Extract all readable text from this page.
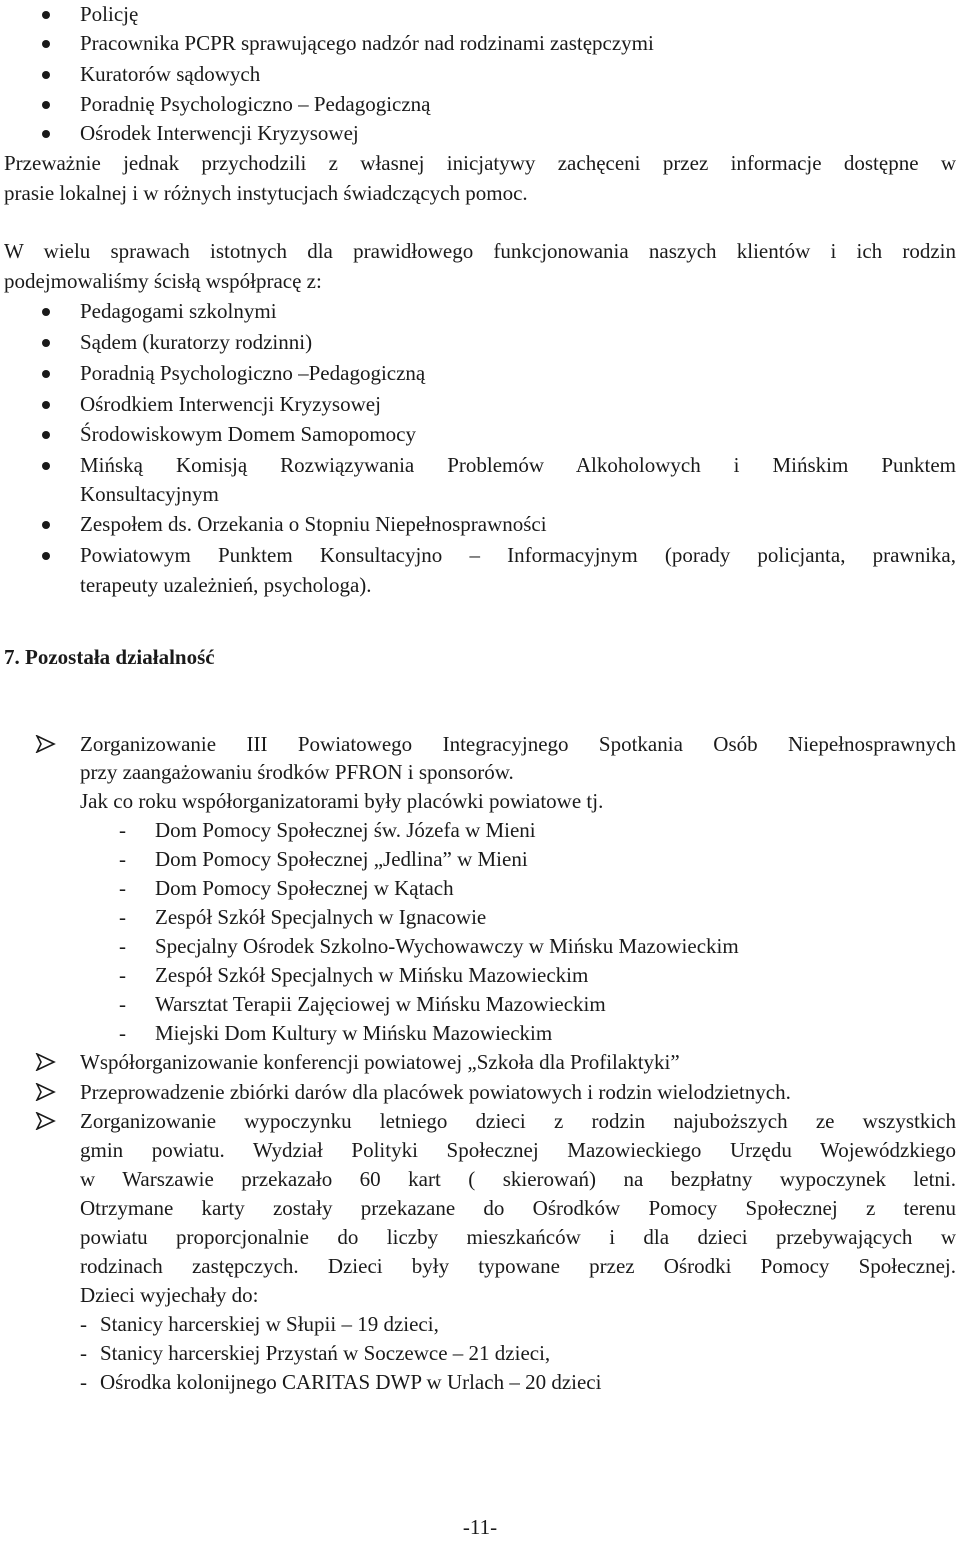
Policję
Pracownika PCPR sprawującego nadzór nad rodzinami zastępczymi
Kuratorów sądowych
Poradnię Psychologiczno – Pedagogiczną
Ośrodek Interwencji Kryzysowej
Przeważnie jednak przychodzili z własnej inicjatywy zachęceni przez informacje dostępne w
prasie lokalnej i w różnych instytucjach świadczących pomoc.
W wielu sprawach istotnych dla prawidłowego funkcjonowania naszych klientów i ich rodzin
podejmowaliśmy ścisłą współpracę z:
Pedagogami szkolnymi
Sądem (kuratorzy rodzinni)
Poradnią Psychologiczno –Pedagogiczną
Ośrodkiem Interwencji Kryzysowej
Środowiskowym Domem Samopomocy
Mińską Komisją Rozwiązywania Problemów Alkoholowych i Mińskim Punktem
Konsultacyjnym
Zespołem ds. Orzekania o Stopniu Niepełnosprawności
Powiatowym Punktem Konsultacyjno – Informacyjnym (porady policjanta, prawnika,
terapeuty uzależnień, psychologa).
7. Pozostała działalność
Zorganizowanie III Powiatowego Integracyjnego Spotkania Osób Niepełnosprawnych
przy zaangażowaniu środków PFRON i sponsorów.
Jak co roku współorganizatorami były placówki powiatowe tj.
- Dom Pomocy Społecznej św. Józefa w Mieni
- Dom Pomocy Społecznej „Jedlina” w Mieni
- Dom Pomocy Społecznej w Kątach
- Zespół Szkół Specjalnych w Ignacowie
- Specjalny Ośrodek Szkolno-Wychowawczy w Mińsku Mazowieckim
- Zespół Szkół Specjalnych w Mińsku Mazowieckim
- Warsztat Terapii Zajęciowej w Mińsku Mazowieckim
- Miejski Dom Kultury w Mińsku Mazowieckim
Współorganizowanie konferencji powiatowej „Szkoła dla Profilaktyki”
Przeprowadzenie zbiórki darów dla placówek powiatowych i rodzin wielodzietnych.
Zorganizowanie wypoczynku letniego dzieci z rodzin najuboższych ze wszystkich
gmin powiatu. Wydział Polityki Społecznej Mazowieckiego Urzędu Wojewódzkiego
w Warszawie przekazało 60 kart ( skierowań) na bezpłatny wypoczynek letni.
Otrzymane karty zostały przekazane do Ośrodków Pomocy Społecznej z terenu
powiatu proporcjonalnie do liczby mieszkańców i dla dzieci przebywających w
rodzinach zastępczych. Dzieci były typowane przez Ośrodki Pomocy Społecznej.
Dzieci wyjechały do:
- Stanicy harcerskiej w Słupii – 19 dzieci,
- Stanicy harcerskiej Przystań w Soczewce – 21 dzieci,
- Ośrodka kolonijnego CARITAS DWP w Urlach – 20 dzieci
-11-
